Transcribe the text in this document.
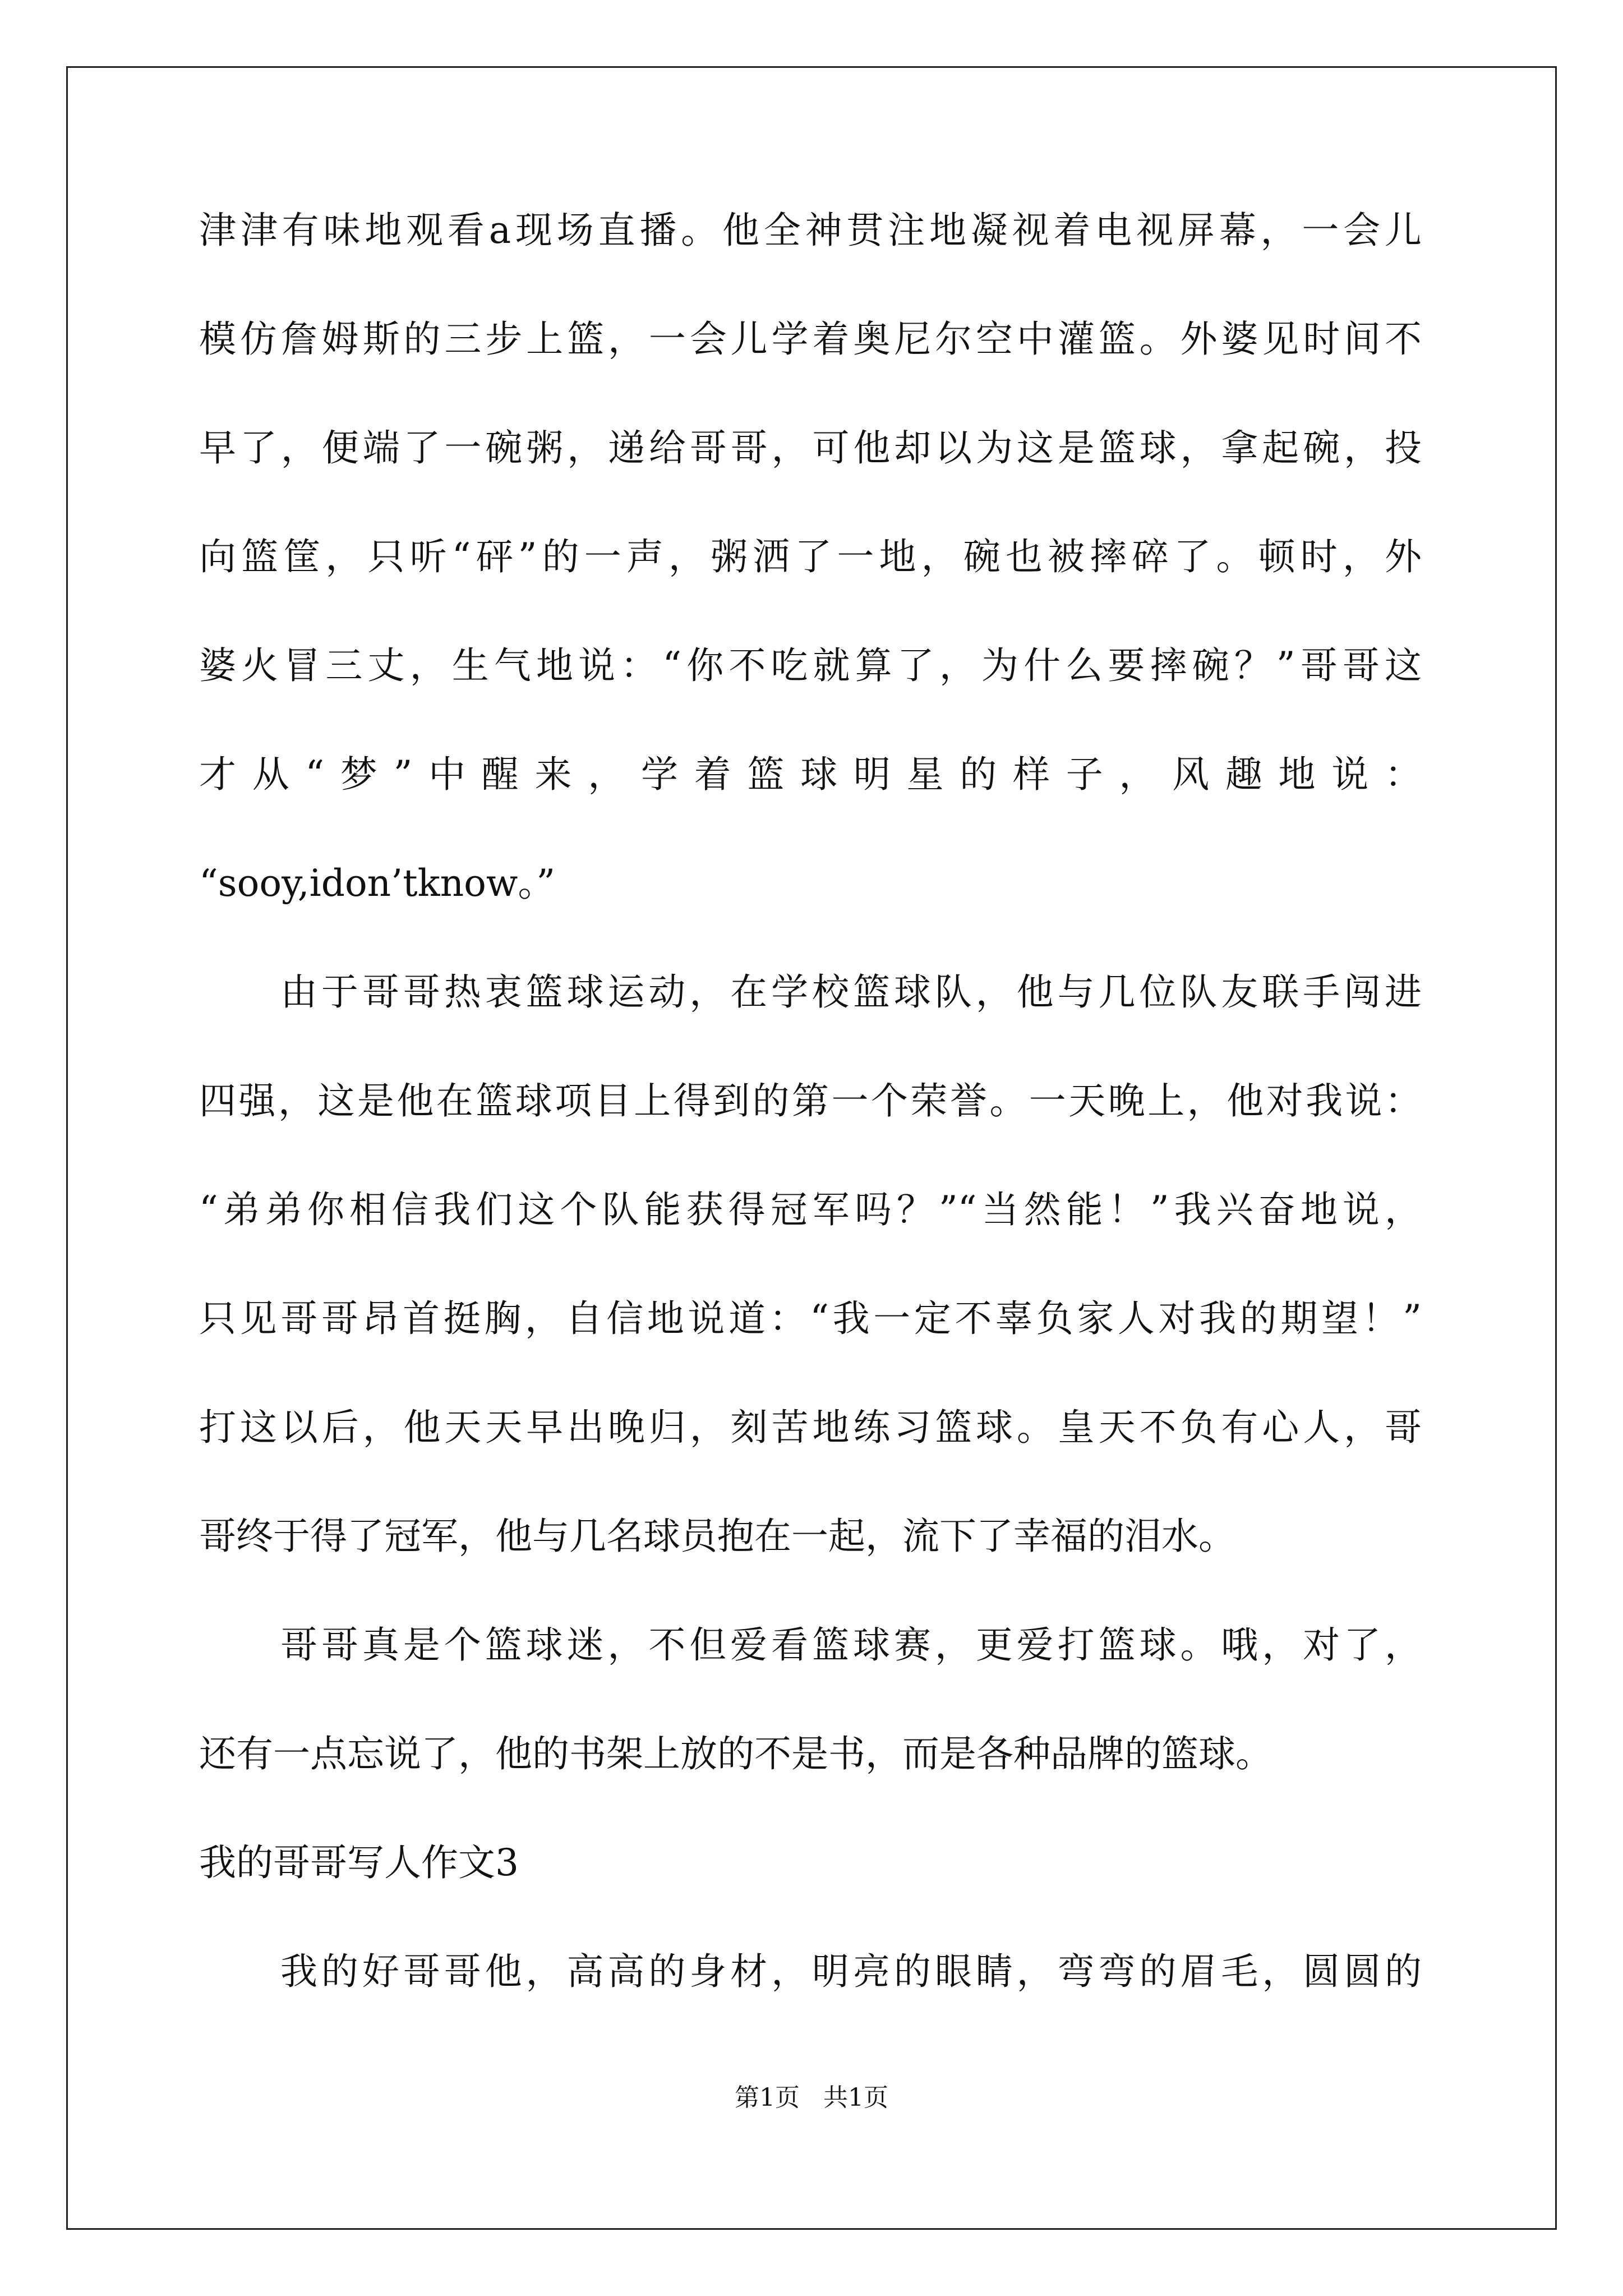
津津有味地观看a现场直播。他全神贯注地凝视着电视屏幕，一会儿
模仿詹姆斯的三步上篮，一会儿学着奥尼尔空中灌篮。外婆见时间不
早了，便端了一碗粥，递给哥哥，可他却以为这是篮球，拿起碗，投
向篮筐，只听“砰”的一声，粥洒了一地，碗也被摔碎了。顿时，外
婆火冒三丈，生气地说：“你不吃就算了，为什么要摔碗？”哥哥这
才从“梦”中醒来，学着篮球明星的样子，风趣地说：
“sooy,idon’tknow。”
由于哥哥热衷篮球运动，在学校篮球队，他与几位队友联手闯进
四强，这是他在篮球项目上得到的第一个荣誉。一天晚上，他对我说：
“弟弟你相信我们这个队能获得冠军吗？”“当然能！”我兴奋地说，
只见哥哥昂首挺胸，自信地说道：“我一定不辜负家人对我的期望！”
打这以后，他天天早出晚归，刻苦地练习篮球。皇天不负有心人，哥
哥终于得了冠军，他与几名球员抱在一起，流下了幸福的泪水。
哥哥真是个篮球迷，不但爱看篮球赛，更爱打篮球。哦，对了，
还有一点忘说了，他的书架上放的不是书，而是各种品牌的篮球。
我的哥哥写人作文3
我的好哥哥他，高高的身材，明亮的眼睛，弯弯的眉毛，圆圆的
第1页   共1页
